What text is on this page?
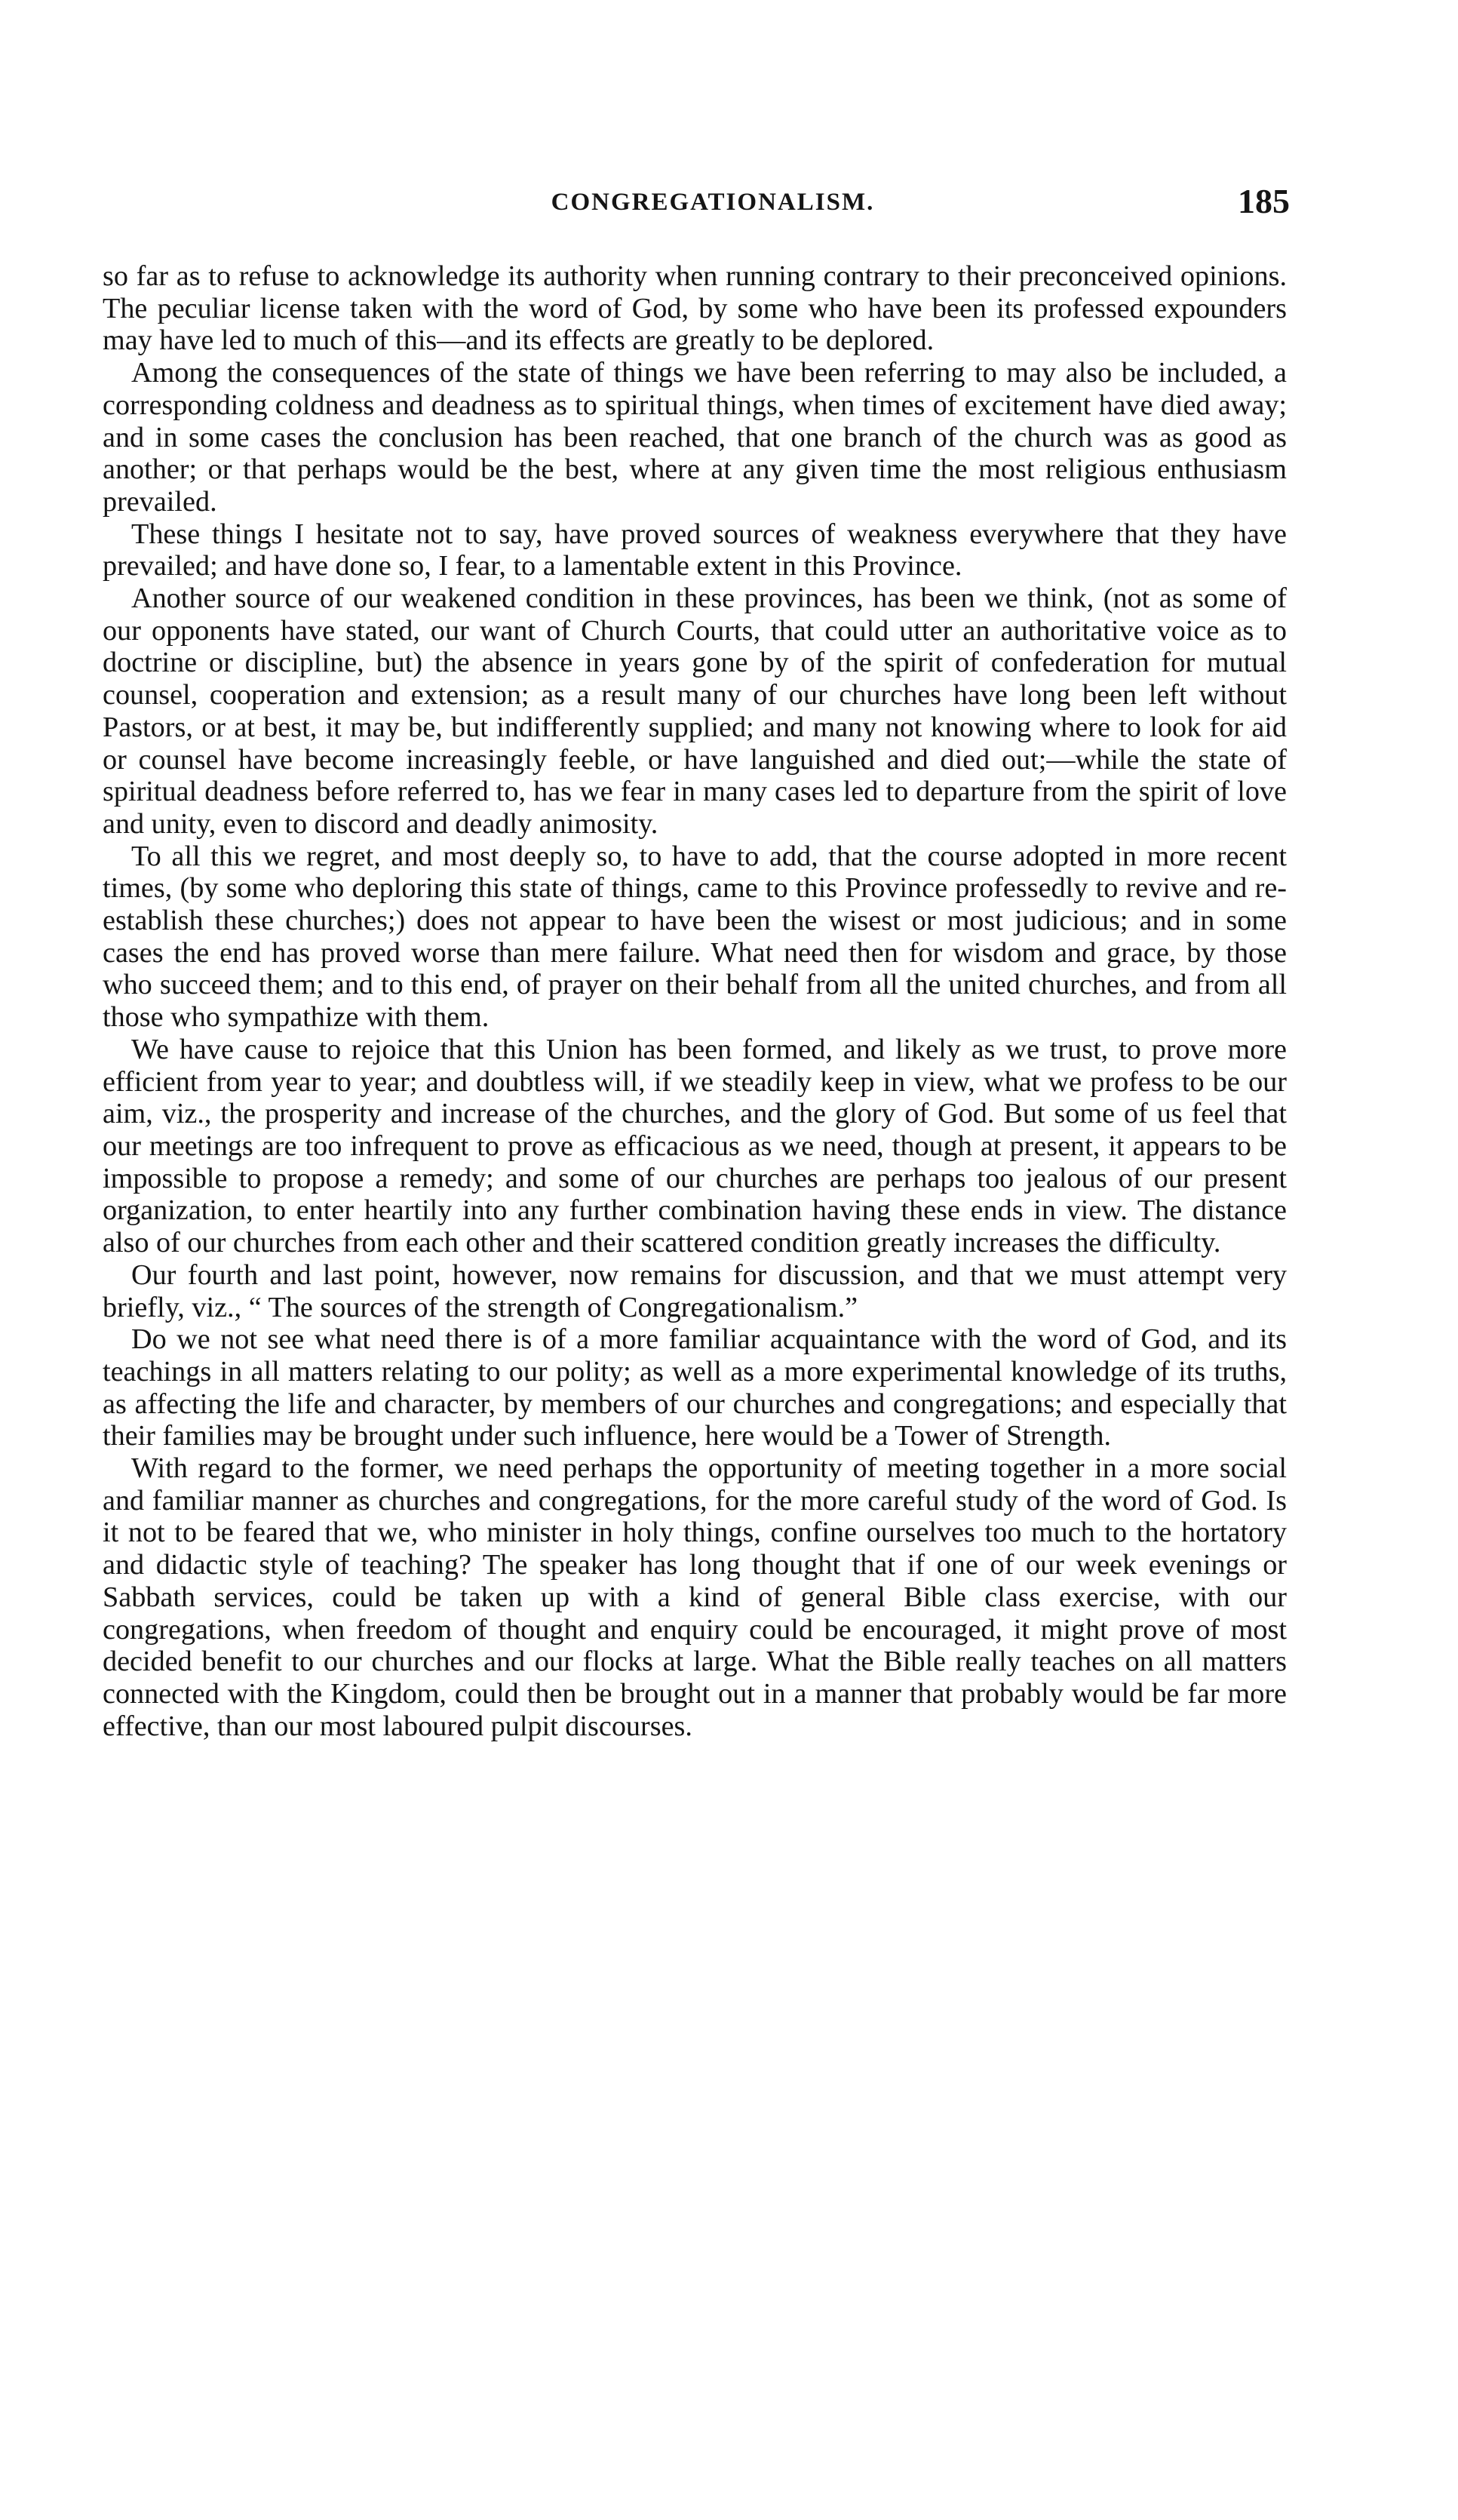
CONGREGATIONALISM.	185

so far as to refuse to acknowledge its authority when running contrary to their preconceived opinions. The peculiar license taken with the word of God, by some who have been its professed expounders may have led to much of this—and its effects are greatly to be deplored.

Among the consequences of the state of things we have been referring to may also be included, a corresponding coldness and deadness as to spiritual things, when times of excitement have died away; and in some cases the conclusion has been reached, that one branch of the church was as good as another; or that perhaps would be the best, where at any given time the most religious enthusiasm prevailed.

These things I hesitate not to say, have proved sources of weakness everywhere that they have prevailed; and have done so, I fear, to a lamentable extent in this Province.

Another source of our weakened condition in these provinces, has been we think, (not as some of our opponents have stated, our want of Church Courts, that could utter an authoritative voice as to doctrine or discipline, but) the absence in years gone by of the spirit of confederation for mutual counsel, cooperation and extension; as a result many of our churches have long been left without Pastors, or at best, it may be, but indifferently supplied; and many not knowing where to look for aid or counsel have become increasingly feeble, or have languished and died out;—while the state of spiritual deadness before referred to, has we fear in many cases led to departure from the spirit of love and unity, even to discord and deadly animosity.

To all this we regret, and most deeply so, to have to add, that the course adopted in more recent times, (by some who deploring this state of things, came to this Province professedly to revive and re-establish these churches;) does not appear to have been the wisest or most judicious; and in some cases the end has proved worse than mere failure. What need then for wisdom and grace, by those who succeed them; and to this end, of prayer on their behalf from all the united churches, and from all those who sympathize with them.

We have cause to rejoice that this Union has been formed, and likely as we trust, to prove more efficient from year to year; and doubtless will, if we steadily keep in view, what we profess to be our aim, viz., the prosperity and increase of the churches, and the glory of God. But some of us feel that our meetings are too infrequent to prove as efficacious as we need, though at present, it appears to be impossible to propose a remedy; and some of our churches are perhaps too jealous of our present organization, to enter heartily into any further combination having these ends in view. The distance also of our churches from each other and their scattered condition greatly increases the difficulty.

Our fourth and last point, however, now remains for discussion, and that we must attempt very briefly, viz., “ The sources of the strength of Congregationalism.”

Do we not see what need there is of a more familiar acquaintance with the word of God, and its teachings in all matters relating to our polity; as well as a more experimental knowledge of its truths, as affecting the life and character, by members of our churches and congregations; and especially that their families may be brought under such influence, here would be a Tower of Strength.

With regard to the former, we need perhaps the opportunity of meeting together in a more social and familiar manner as churches and congregations, for the more careful study of the word of God. Is it not to be feared that we, who minister in holy things, confine ourselves too much to the hortatory and didactic style of teaching? The speaker has long thought that if one of our week evenings or Sabbath services, could be taken up with a kind of general Bible class exercise, with our congregations, when freedom of thought and enquiry could be encouraged, it might prove of most decided benefit to our churches and our flocks at large. What the Bible really teaches on all matters connected with the Kingdom, could then be brought out in a manner that probably would be far more effective, than our most laboured pulpit discourses.
